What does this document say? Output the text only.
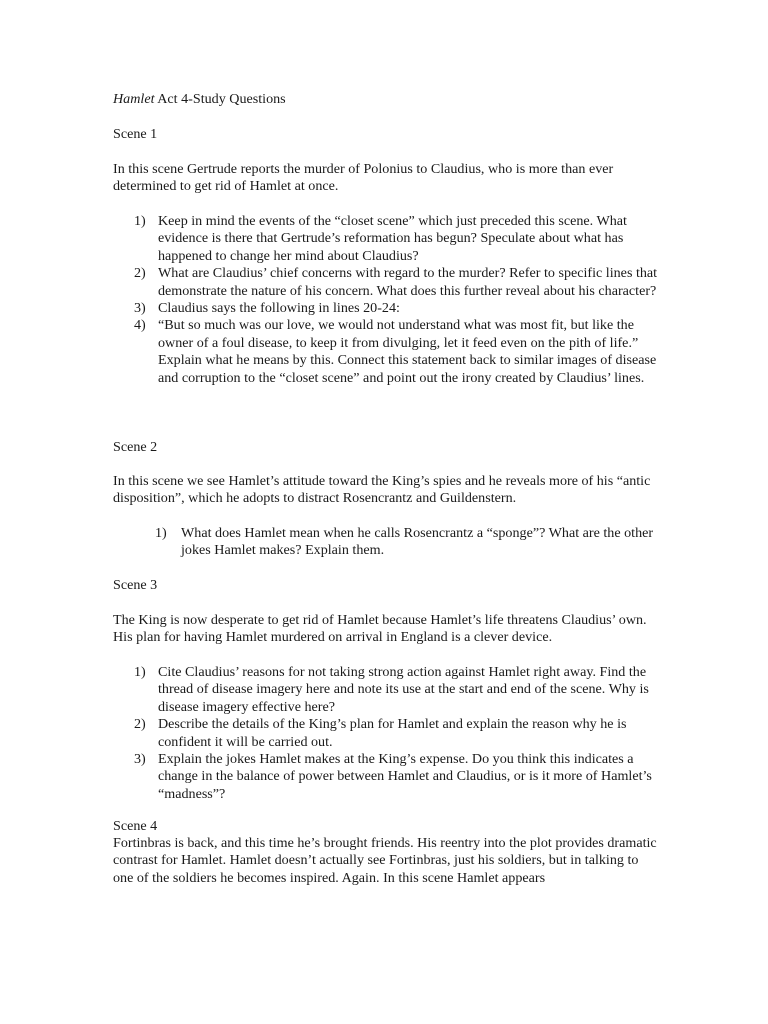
Hamlet Act 4-Study Questions

Scene 1

In this scene Gertrude reports the murder of Polonius to Claudius, who is more than ever determined to get rid of Hamlet at once.

1) Keep in mind the events of the “closet scene” which just preceded this scene. What evidence is there that Gertrude’s reformation has begun? Speculate about what has happened to change her mind about Claudius?
2) What are Claudius’ chief concerns with regard to the murder? Refer to specific lines that demonstrate the nature of his concern. What does this further reveal about his character?
3) Claudius says the following in lines 20-24:
4) “But so much was our love, we would not understand what was most fit, but like the owner of a foul disease, to keep it from divulging, let it feed even on the pith of life.” Explain what he means by this. Connect this statement back to similar images of disease and corruption to the “closet scene” and point out the irony created by Claudius’ lines.

Scene 2

In this scene we see Hamlet’s attitude toward the King’s spies and he reveals more of his “antic disposition”, which he adopts to distract Rosencrantz and Guildenstern.

1) What does Hamlet mean when he calls Rosencrantz a “sponge”? What are the other jokes Hamlet makes? Explain them.

Scene 3

The King is now desperate to get rid of Hamlet because Hamlet’s life threatens Claudius’ own. His plan for having Hamlet murdered on arrival in England is a clever device.

1) Cite Claudius’ reasons for not taking strong action against Hamlet right away. Find the thread of disease imagery here and note its use at the start and end of the scene. Why is disease imagery effective here?
2) Describe the details of the King’s plan for Hamlet and explain the reason why he is confident it will be carried out.
3) Explain the jokes Hamlet makes at the King’s expense. Do you think this indicates a change in the balance of power between Hamlet and Claudius, or is it more of Hamlet’s “madness”?

Scene 4

Fortinbras is back, and this time he’s brought friends. His reentry into the plot provides dramatic contrast for Hamlet. Hamlet doesn’t actually see Fortinbras, just his soldiers, but in talking to one of the soldiers he becomes inspired. Again. In this scene Hamlet appears
